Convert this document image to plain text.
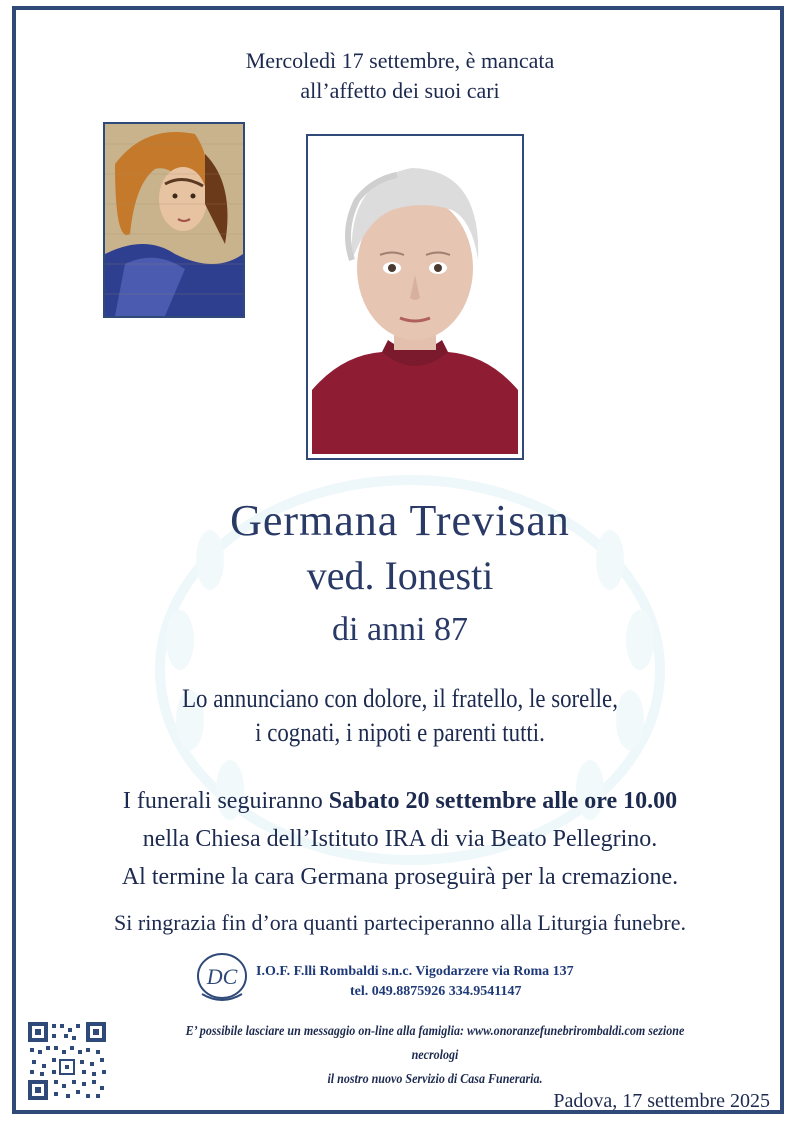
Mercoledì 17 settembre, è mancata
all’affetto dei suoi cari
Germana Trevisan
ved. Ionesti
di anni 87
Lo annunciano con dolore, il fratello, le sorelle,
i cognati, i nipoti e parenti tutti.
I funerali seguiranno Sabato 20 settembre alle ore 10.00
nella Chiesa dell’Istituto IRA di via Beato Pellegrino.
Al termine la cara Germana proseguirà per la cremazione.
Si ringrazia fin d’ora quanti parteciperanno alla Liturgia funebre.
DC I.O.F. F.lli Rombaldi s.n.c. Vigodarzere via Roma 137
tel. 049.8875926 334.9541147
E’ possibile lasciare un messaggio on-line alla famiglia: www.onoranzefunebrirombaldi.com sezione necrologi
il nostro nuovo Servizio di Casa Funeraria.
Padova, 17 settembre 2025
